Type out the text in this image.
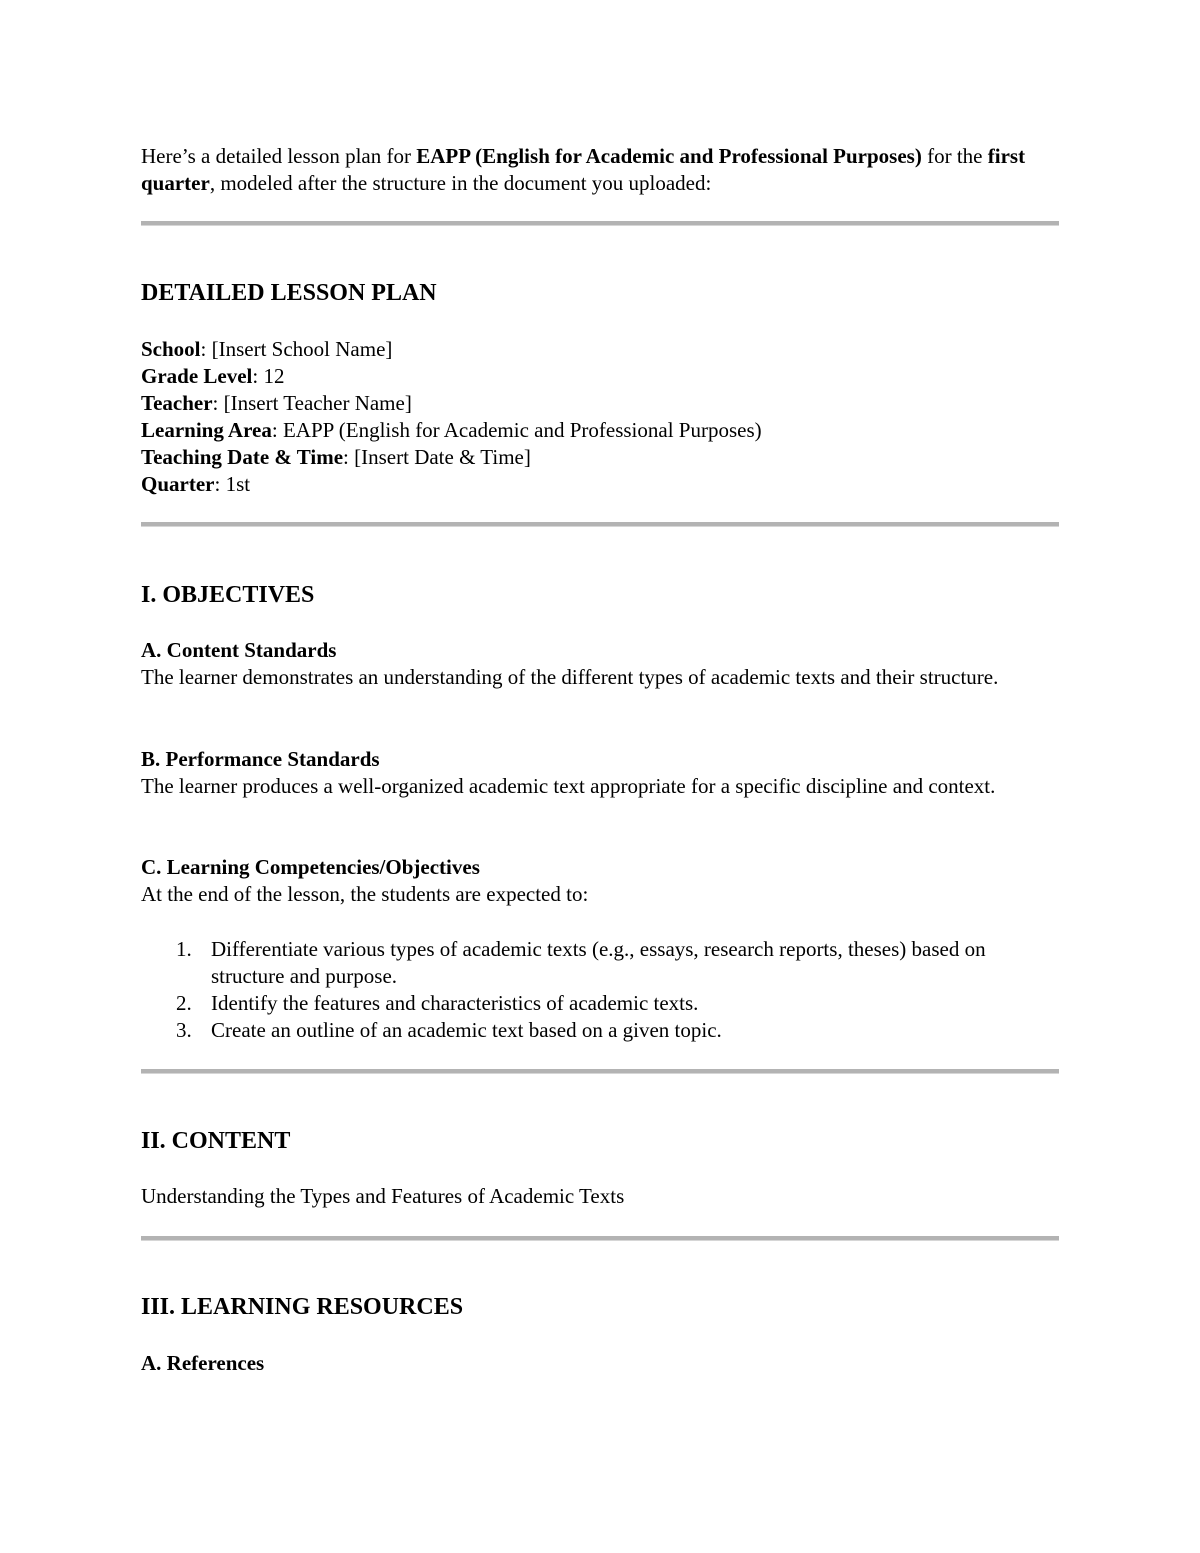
Here’s a detailed lesson plan for EAPP (English for Academic and Professional Purposes) for the first quarter, modeled after the structure in the document you uploaded:

DETAILED LESSON PLAN
School: [Insert School Name]
Grade Level: 12
Teacher: [Insert Teacher Name]
Learning Area: EAPP (English for Academic and Professional Purposes)
Teaching Date & Time: [Insert Date & Time]
Quarter: 1st
I. OBJECTIVES
A. Content Standards
The learner demonstrates an understanding of the different types of academic texts and their structure.
B. Performance Standards
The learner produces a well-organized academic text appropriate for a specific discipline and context.
C. Learning Competencies/Objectives
At the end of the lesson, the students are expected to:
1. Differentiate various types of academic texts (e.g., essays, research reports, theses) based on structure and purpose.
2. Identify the features and characteristics of academic texts.
3. Create an outline of an academic text based on a given topic.
II. CONTENT
Understanding the Types and Features of Academic Texts
III. LEARNING RESOURCES
A. References
